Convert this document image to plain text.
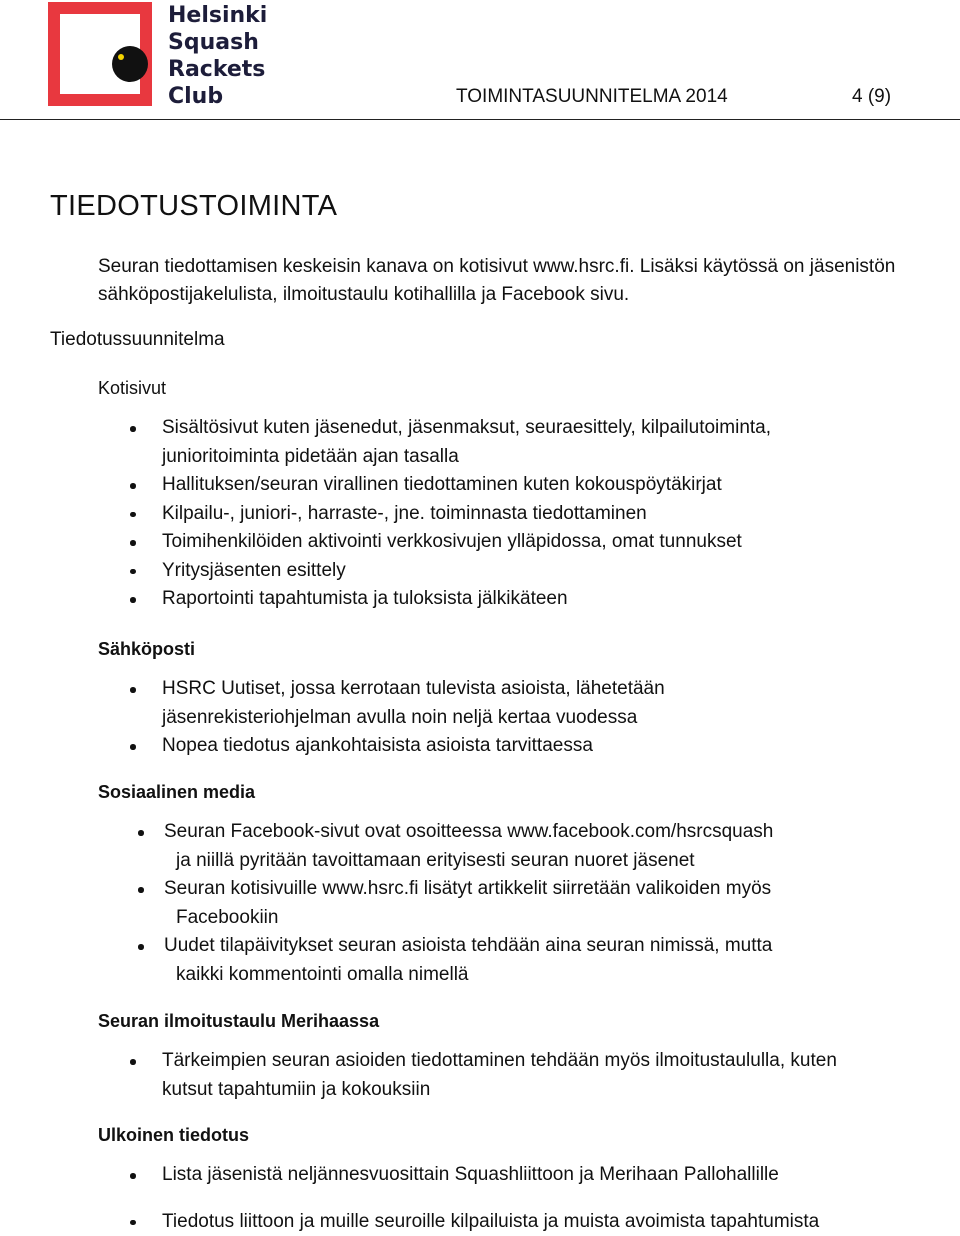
Helsinki
Squash
Rackets
Club	TOIMINTASUUNNITELMA 2014	4 (9)
TIEDOTUSTOIMINTA
Seuran tiedottamisen keskeisin kanava on kotisivut www.hsrc.fi. Lisäksi käytössä on jäsenistön sähköpostijakelulista, ilmoitustaulu kotihallilla ja Facebook sivu.
Tiedotussuunnitelma
Kotisivut
Sisältösivut kuten jäsenedut, jäsenmaksut, seuraesittely, kilpailutoiminta, junioritoiminta pidetään ajan tasalla
Hallituksen/seuran virallinen tiedottaminen kuten kokouspöytäkirjat
Kilpailu-, juniori-, harraste-, jne. toiminnasta tiedottaminen
Toimihenkilöiden aktivointi verkkosivujen ylläpidossa, omat tunnukset
Yritysjäsenten esittely
Raportointi tapahtumista ja tuloksista jälkikäteen
Sähköposti
HSRC Uutiset, jossa kerrotaan tulevista asioista, lähetetään jäsenrekisteriohjelman avulla noin neljä kertaa vuodessa
Nopea tiedotus ajankohtaisista asioista tarvittaessa
Sosiaalinen media
Seuran Facebook-sivut ovat osoitteessa www.facebook.com/hsrcsquash
ja niillä pyritään tavoittamaan erityisesti seuran nuoret jäsenet
Seuran kotisivuille www.hsrc.fi lisätyt artikkelit siirretään valikoiden myös
Facebookiin
Uudet tilapäivitykset seuran asioista tehdään aina seuran nimissä, mutta
kaikki kommentointi omalla nimellä
Seuran ilmoitustaulu Merihaassa
Tärkeimpien seuran asioiden tiedottaminen tehdään myös ilmoitustaululla, kuten kutsut tapahtumiin ja kokouksiin
Ulkoinen tiedotus
Lista jäsenistä neljännesvuosittain Squashliittoon ja Merihaan Pallohallille
Tiedotus liittoon ja muille seuroille kilpailuista ja muista avoimista tapahtumista
